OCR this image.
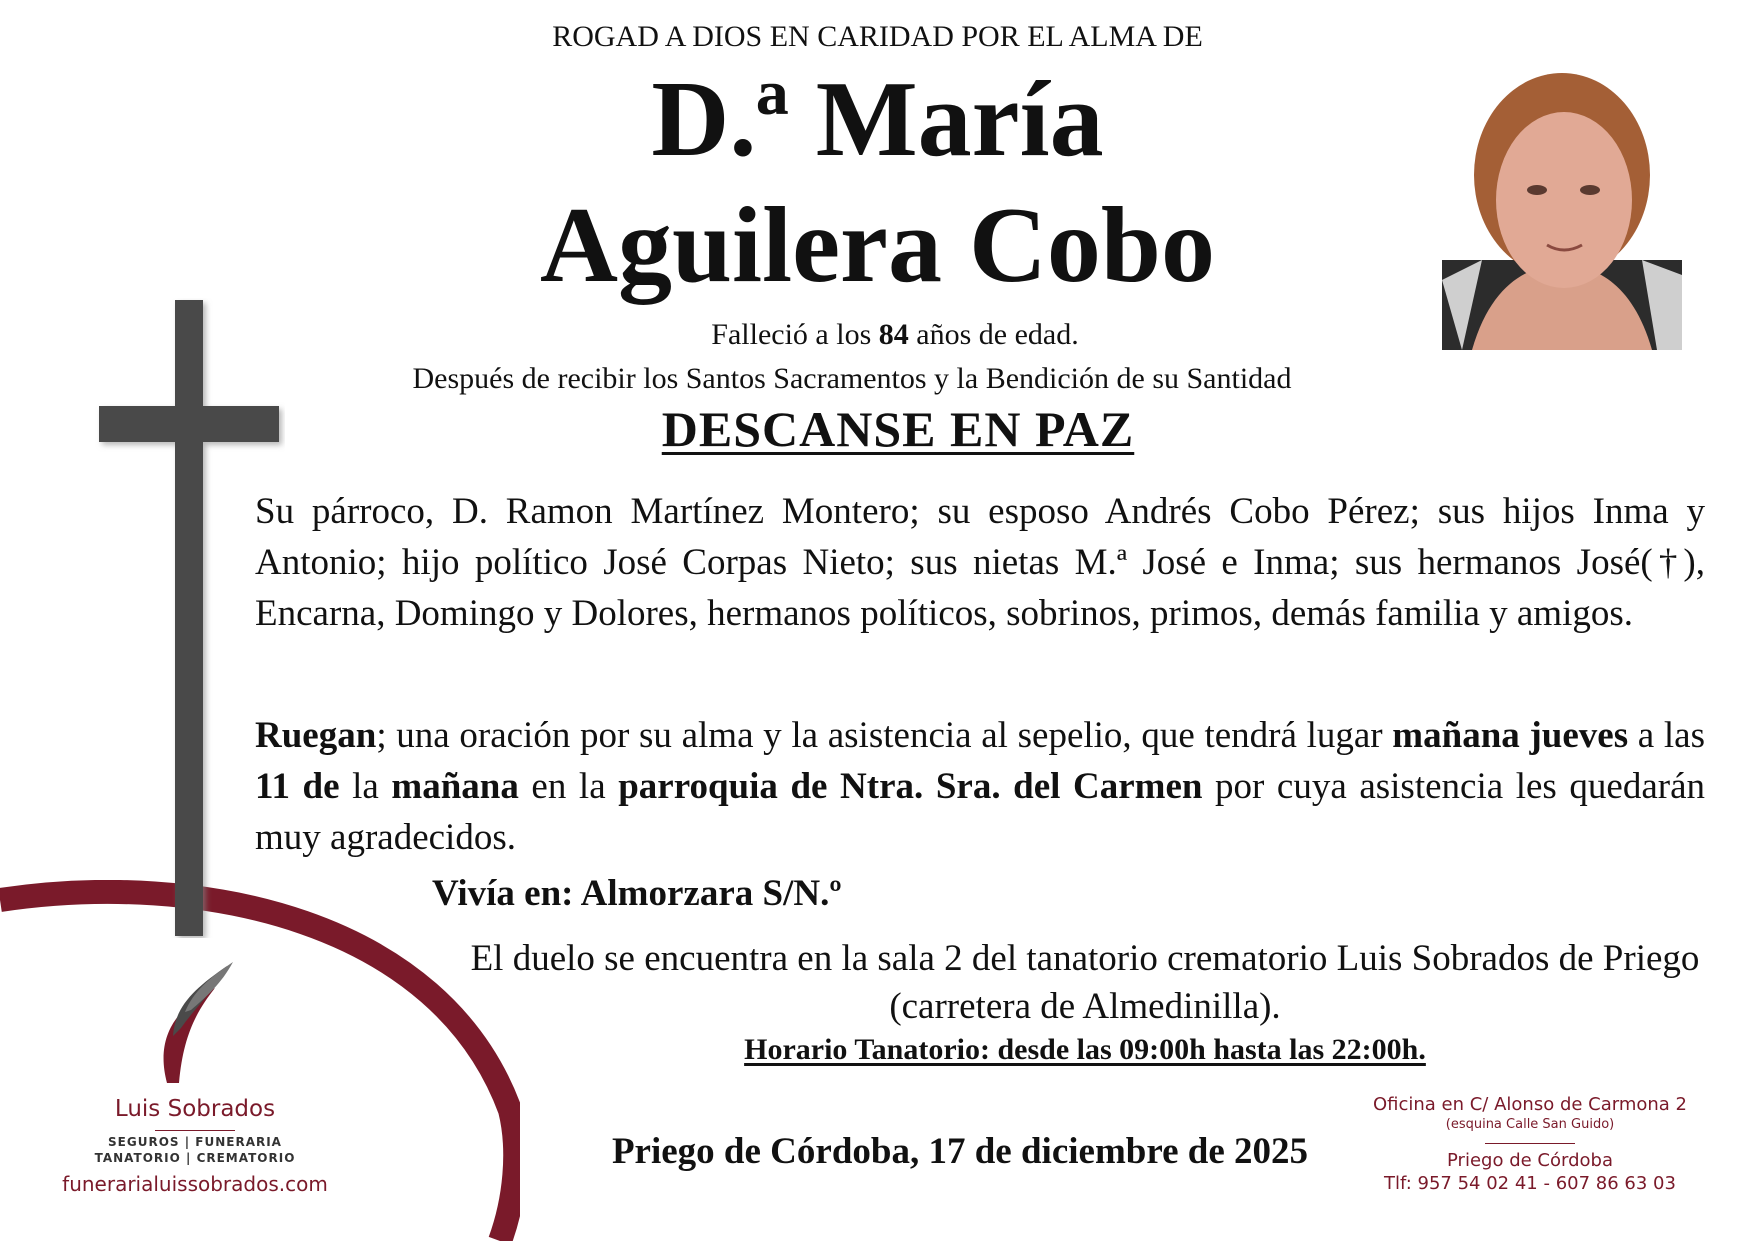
ROGAD A DIOS EN CARIDAD POR EL ALMA DE
D.ª María
Aguilera Cobo
Falleció a los 84 años de edad.
Después de recibir los Santos Sacramentos y la Bendición de su Santidad
DESCANSE EN PAZ
Su párroco, D. Ramon Martínez Montero; su esposo Andrés Cobo Pérez; sus hijos Inma y Antonio; hijo político José Corpas Nieto; sus nietas M.ª José e Inma; sus hermanos José(†), Encarna, Domingo y Dolores, hermanos políticos, sobrinos, primos, demás familia y amigos.
Ruegan; una oración por su alma y la asistencia al sepelio, que tendrá lugar mañana jueves a las 11 de la mañana en la parroquia de Ntra. Sra. del Carmen por cuya asistencia les quedarán muy agradecidos.
Vivía en: Almorzara S/N.º
El duelo se encuentra en la sala 2 del tanatorio crematorio Luis Sobrados de Priego
(carretera de Almedinilla).
Horario Tanatorio: desde las 09:00h hasta las 22:00h.
Priego de Córdoba, 17 de diciembre de 2025
Luis Sobrados
SEGUROS | FUNERARIA
TANATORIO | CREMATORIO
funerarialuissobrados.com
Oficina en C/ Alonso de Carmona 2
(esquina Calle San Guido)
Priego de Córdoba
Tlf: 957 54 02 41 - 607 86 63 03
